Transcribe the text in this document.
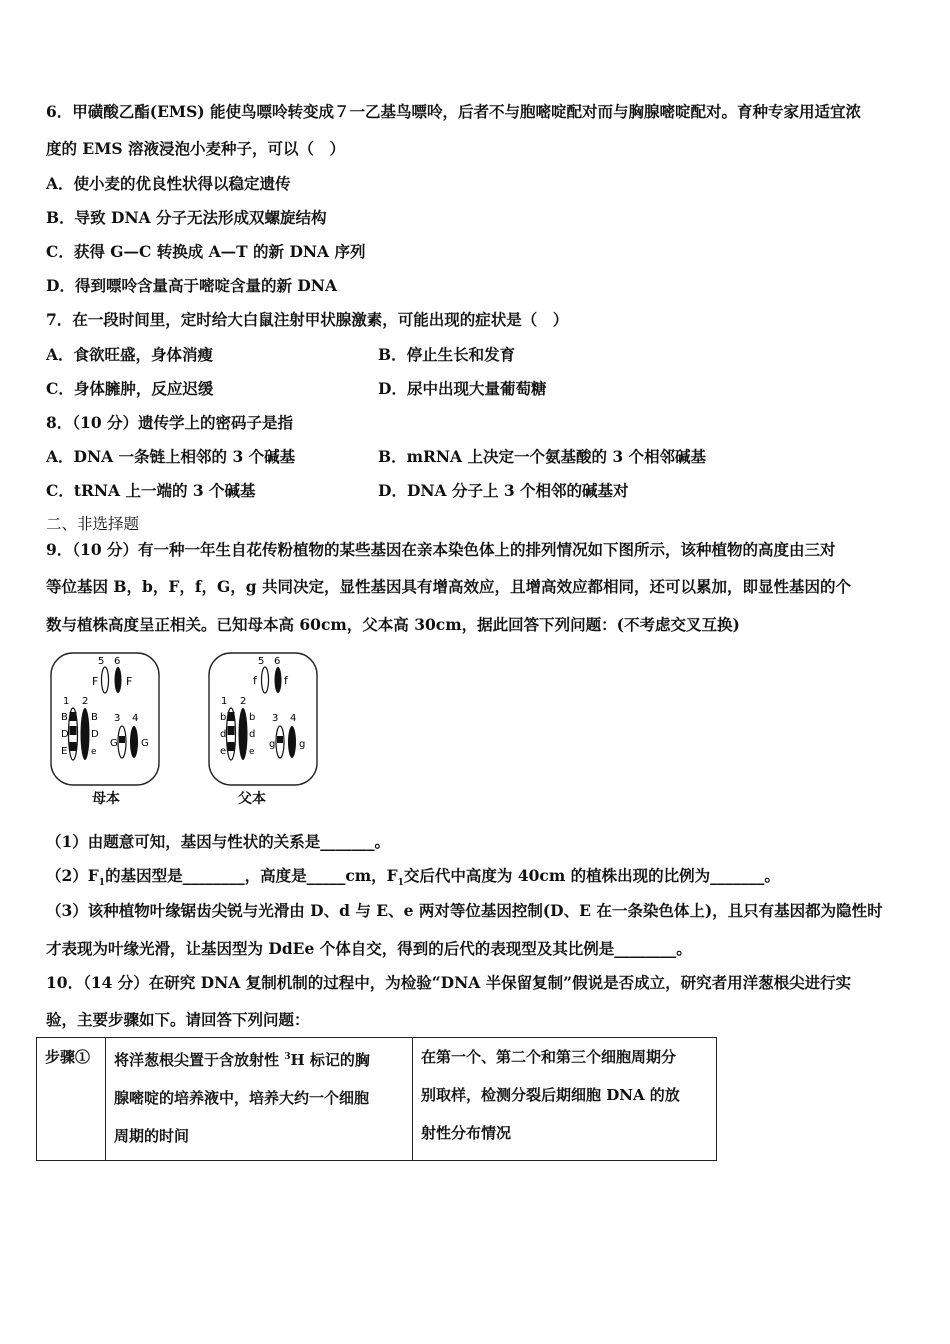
6．甲磺酸乙酯(EMS) 能使鸟嘌呤转变成７一乙基鸟嘌呤，后者不与胞嘧啶配对而与胸腺嘧啶配对。育种专家用适宜浓
度的 EMS 溶液浸泡小麦种子，可以（　）
A．使小麦的优良性状得以稳定遗传
B．导致 DNA 分子无法形成双螺旋结构
C．获得 G—C 转换成 A—T 的新 DNA 序列
D．得到嘌呤含量高于嘧啶含量的新 DNA
7．在一段时间里，定时给大白鼠注射甲状腺激素，可能出现的症状是（　）
A．食欲旺盛，身体消瘦	B．停止生长和发育
C．身体臃肿，反应迟缓	D．尿中出现大量葡萄糖
8．（10 分）遗传学上的密码子是指
A．DNA 一条链上相邻的 3 个碱基	B．mRNA 上决定一个氨基酸的 3 个相邻碱基
C．tRNA 上一端的 3 个碱基	D．DNA 分子上 3 个相邻的碱基对
二、非选择题
9．（10 分）有一种一年生自花传粉植物的某些基因在亲本染色体上的排列情况如下图所示，该种植物的高度由三对
等位基因 B，b，F，f，G，g 共同决定，显性基因具有增高效应，且增高效应都相同，还可以累加，即显性基因的个
数与植株高度呈正相关。已知母本高 60cm，父本高 30cm，据此回答下列问题：(不考虑交叉互换)
5 6
F	F
1 2
B B
D D
E	e
3 4
G G
母本
5 6
f f
1 2
b b
d d
e	e
3 4
g g
父本
（1）由题意可知，基因与性状的关系是_______。
$(2)F_1$的基因型是________，高度是_____cm，$F_1$交后代中高度为 40cm 的植株出现的比例为_______。
（3）该种植物叶缘锯齿尖锐与光滑由 D、d 与 E、e 两对等位基因控制(D、E 在一条染色体上)，且只有基因都为隐性时
才表现为叶缘光滑，让基因型为 DdEe 个体自交，得到的后代的表现型及其比例是________。
10．（14 分）在研究 DNA 复制机制的过程中，为检验“DNA 半保留复制”假说是否成立，研究者用洋葱根尖进行实
验，主要步骤如下。请回答下列问题：
步骤①	将洋葱根尖置于含放射性 $^3$H 标记的胸
腺嘧啶的培养液中，培养大约一个细胞
周期的时间

在第一个、第二个和第三个细胞周期分
别取样，检测分裂后期细胞 DNA 的放
射性分布情况
